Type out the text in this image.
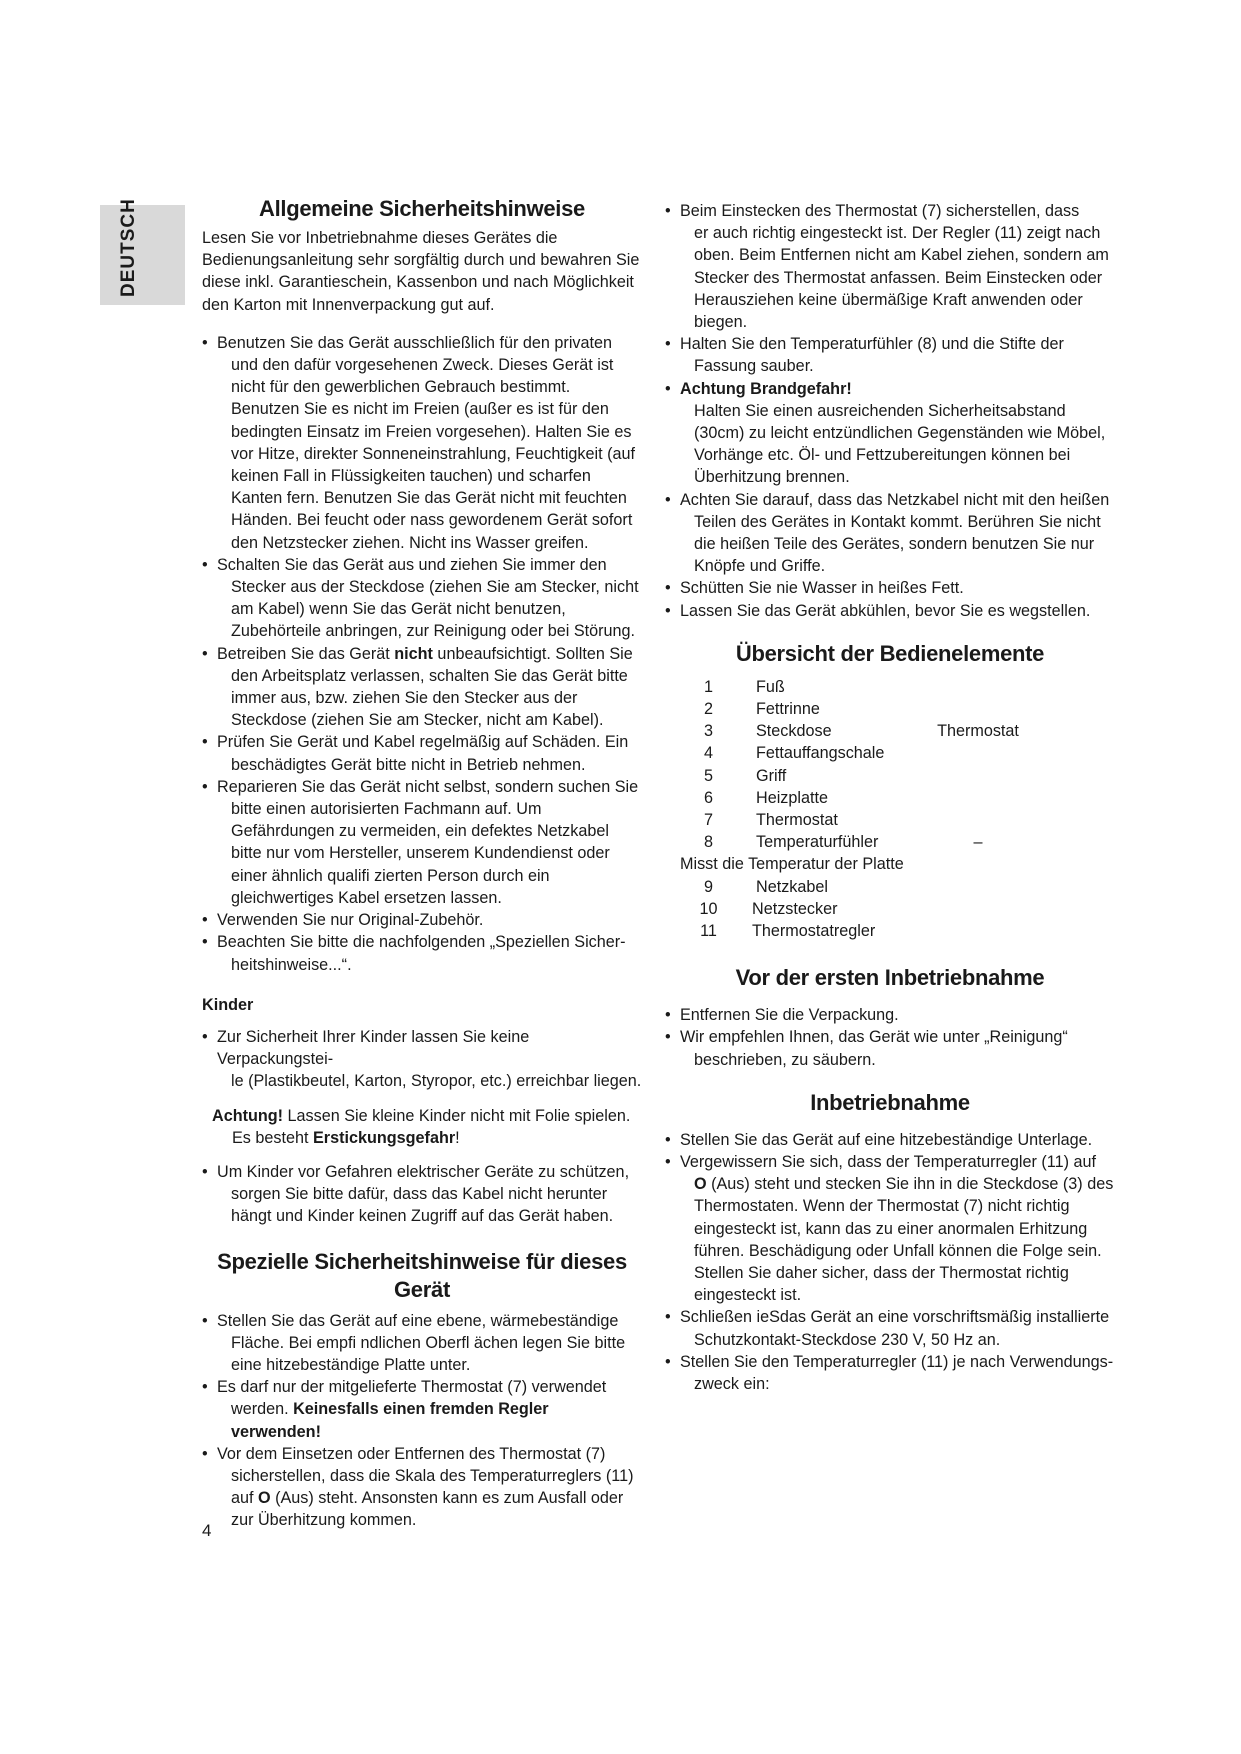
DEUTSCH	Allgemeine Sicherheitshinweise

Lesen Sie vor Inbetriebnahme dieses Gerätes die Bedienungsanleitung sehr sorgfältig durch und bewahren Sie diese inkl. Garantieschein, Kassenbon und nach Möglichkeit den Karton mit Innenverpackung gut auf.

• Benutzen Sie das Gerät ausschließlich für den privaten
und den dafür vorgesehenen Zweck. Dieses Gerät ist nicht für den gewerblichen Gebrauch bestimmt. Benutzen Sie es nicht im Freien (außer es ist für den bedingten Einsatz im Freien vorgesehen). Halten Sie es vor Hitze, direkter Sonneneinstrahlung, Feuchtigkeit (auf keinen Fall in Flüssigkeiten tauchen) und scharfen Kanten fern. Benutzen Sie das Gerät nicht mit feuchten Händen. Bei feucht oder nass gewordenem Gerät sofort den Netzstecker ziehen. Nicht ins Wasser greifen.
• Schalten Sie das Gerät aus und ziehen Sie immer den
Stecker aus der Steckdose (ziehen Sie am Stecker, nicht am Kabel) wenn Sie das Gerät nicht benutzen, Zubehörteile anbringen, zur Reinigung oder bei Störung.
• Betreiben Sie das Gerät nicht unbeaufsichtigt. Sollten Sie
den Arbeitsplatz verlassen, schalten Sie das Gerät bitte immer aus, bzw. ziehen Sie den Stecker aus der Steckdose (ziehen Sie am Stecker, nicht am Kabel).
• Prüfen Sie Gerät und Kabel regelmäßig auf Schäden. Ein
beschädigtes Gerät bitte nicht in Betrieb nehmen.
• Reparieren Sie das Gerät nicht selbst, sondern suchen Sie
bitte einen autorisierten Fachmann auf. Um Gefährdungen zu vermeiden, ein defektes Netzkabel bitte nur vom Hersteller, unserem Kundendienst oder einer ähnlich qualifi zierten Person durch ein gleichwertiges Kabel ersetzen lassen.
• Verwenden Sie nur Original-Zubehör.
• Beachten Sie bitte die nachfolgenden „Speziellen Sicher-
heitshinweise...“.

Kinder

• Zur Sicherheit Ihrer Kinder lassen Sie keine Verpackungstei-
le (Plastikbeutel, Karton, Styropor, etc.) erreichbar liegen.
Achtung! Lassen Sie kleine Kinder nicht mit Folie spielen.
Es besteht Erstickungsgefahr!
• Um Kinder vor Gefahren elektrischer Geräte zu schützen,
sorgen Sie bitte dafür, dass das Kabel nicht herunter hängt und Kinder keinen Zugriff auf das Gerät haben.
Spezielle Sicherheitshinweise für dieses Gerät
• Stellen Sie das Gerät auf eine ebene, wärmebeständige
Fläche. Bei empfi ndlichen Oberfl ächen legen Sie bitte eine hitzebeständige Platte unter.
• Es darf nur der mitgelieferte Thermostat (7) verwendet
werden. Keinesfalls einen fremden Regler verwenden!
• Vor dem Einsetzen oder Entfernen des Thermostat (7)
sicherstellen, dass die Skala des Temperaturreglers (11) auf O (Aus) steht. Ansonsten kann es zum Ausfall oder zur Überhitzung kommen.
• Beim Einstecken des Thermostat (7) sicherstellen, dass
er auch richtig eingesteckt ist. Der Regler (11) zeigt nach oben. Beim Entfernen nicht am Kabel ziehen, sondern am Stecker des Thermostat anfassen. Beim Einstecken oder Herausziehen keine übermäßige Kraft anwenden oder biegen.
• Halten Sie den Temperaturfühler (8) und die Stifte der
Fassung sauber.
• Achtung Brandgefahr!
Halten Sie einen ausreichenden Sicherheitsabstand (30cm) zu leicht entzündlichen Gegenständen wie Möbel, Vorhänge etc. Öl- und Fettzubereitungen können bei Überhitzung brennen.
• Achten Sie darauf, dass das Netzkabel nicht mit den heißen
Teilen des Gerätes in Kontakt kommt. Berühren Sie nicht die heißen Teile des Gerätes, sondern benutzen Sie nur Knöpfe und Griffe.
• Schütten Sie nie Wasser in heißes Fett.
• Lassen Sie das Gerät abkühlen, bevor Sie es wegstellen.
Übersicht der Bedienelemente
1	Fuß
2	Fettrinne
3	Steckdose	Thermostat
4	Fettauffangschale
5	Griff
6	Heizplatte
7	Thermostat
8	Temperaturfühler	–
Misst die Temperatur der Platte
9	Netzkabel
10	Netzstecker
11	Thermostatregler
Vor der ersten Inbetriebnahme
• Entfernen Sie die Verpackung.
• Wir empfehlen Ihnen, das Gerät wie unter „Reinigung“
beschrieben, zu säubern.
Inbetriebnahme
• Stellen Sie das Gerät auf eine hitzebeständige Unterlage.
• Vergewissern Sie sich, dass der Temperaturregler (11) auf
O (Aus) steht und stecken Sie ihn in die Steckdose (3) des Thermostaten. Wenn der Thermostat (7) nicht richtig eingesteckt ist, kann das zu einer anormalen Erhitzung führen. Beschädigung oder Unfall können die Folge sein. Stellen Sie daher sicher, dass der Thermostat richtig eingesteckt ist.
• Schließen ieSdas Gerät an eine vorschriftsmäßig installierte
Schutzkontakt-Steckdose 230 V, 50 Hz an.
• Stellen Sie den Temperaturregler (11) je nach Verwendungs-
zweck ein:
4
